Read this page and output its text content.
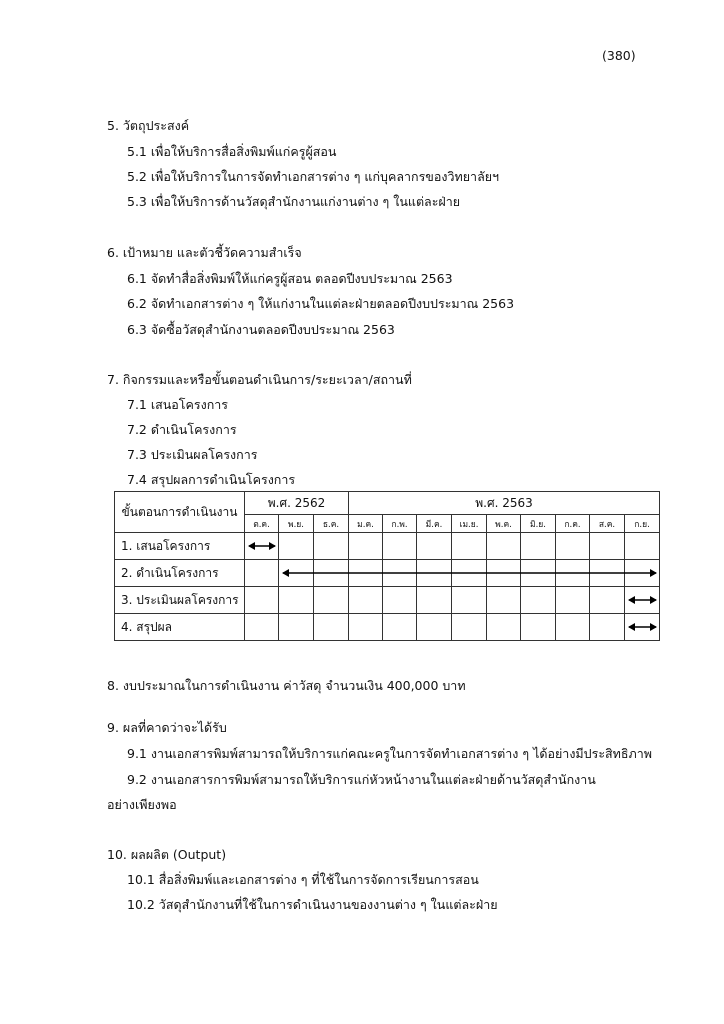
(380)
5. วัตถุประสงค์
5.1 เพื่อให้บริการสื่อสิ่งพิมพ์แก่ครูผู้สอน
5.2 เพื่อให้บริการในการจัดทำเอกสารต่าง ๆ แก่บุคลากรของวิทยาลัยฯ
5.3 เพื่อให้บริการด้านวัสดุสำนักงานแก่งานต่าง ๆ ในแต่ละฝ่าย
6. เป้าหมาย และตัวชี้วัดความสำเร็จ
6.1 จัดทำสื่อสิ่งพิมพ์ให้แก่ครูผู้สอน ตลอดปีงบประมาณ 2563
6.2 จัดทำเอกสารต่าง ๆ ให้แก่งานในแต่ละฝ่ายตลอดปีงบประมาณ 2563
6.3 จัดซื้อวัสดุสำนักงานตลอดปีงบประมาณ 2563
7. กิจกรรมและหรือขั้นตอนดำเนินการ/ระยะเวลา/สถานที่
7.1 เสนอโครงการ
7.2 ดำเนินโครงการ
7.3 ประเมินผลโครงการ
7.4 สรุปผลการดำเนินโครงการ
ขั้นตอนการดำเนินงาน	พ.ศ. 2562			พ.ศ. 2563								
	ต.ค.	พ.ย.	ธ.ค.	ม.ค.	ก.พ.	มี.ค.	เม.ย.	พ.ค.	มิ.ย.	ก.ค.	ส.ค.	ก.ย.
1. เสนอโครงการ	

2. ดำเนินโครงการ		

3. ประเมินผลโครงการ												

4. สรุปผล												
8. งบประมาณในการดำเนินงาน ค่าวัสดุ จำนวนเงิน 400,000 บาท
9. ผลที่คาดว่าจะได้รับ
9.1 งานเอกสารพิมพ์สามารถให้บริการแก่คณะครูในการจัดทำเอกสารต่าง ๆ ได้อย่างมีประสิทธิภาพ
9.2 งานเอกสารการพิมพ์สามารถให้บริการแก่หัวหน้างานในแต่ละฝ่ายด้านวัสดุสำนักงาน
อย่างเพียงพอ
10. ผลผลิต (Output)
10.1 สื่อสิ่งพิมพ์และเอกสารต่าง ๆ ที่ใช้ในการจัดการเรียนการสอน
10.2 วัสดุสำนักงานที่ใช้ในการดำเนินงานของงานต่าง ๆ ในแต่ละฝ่าย
